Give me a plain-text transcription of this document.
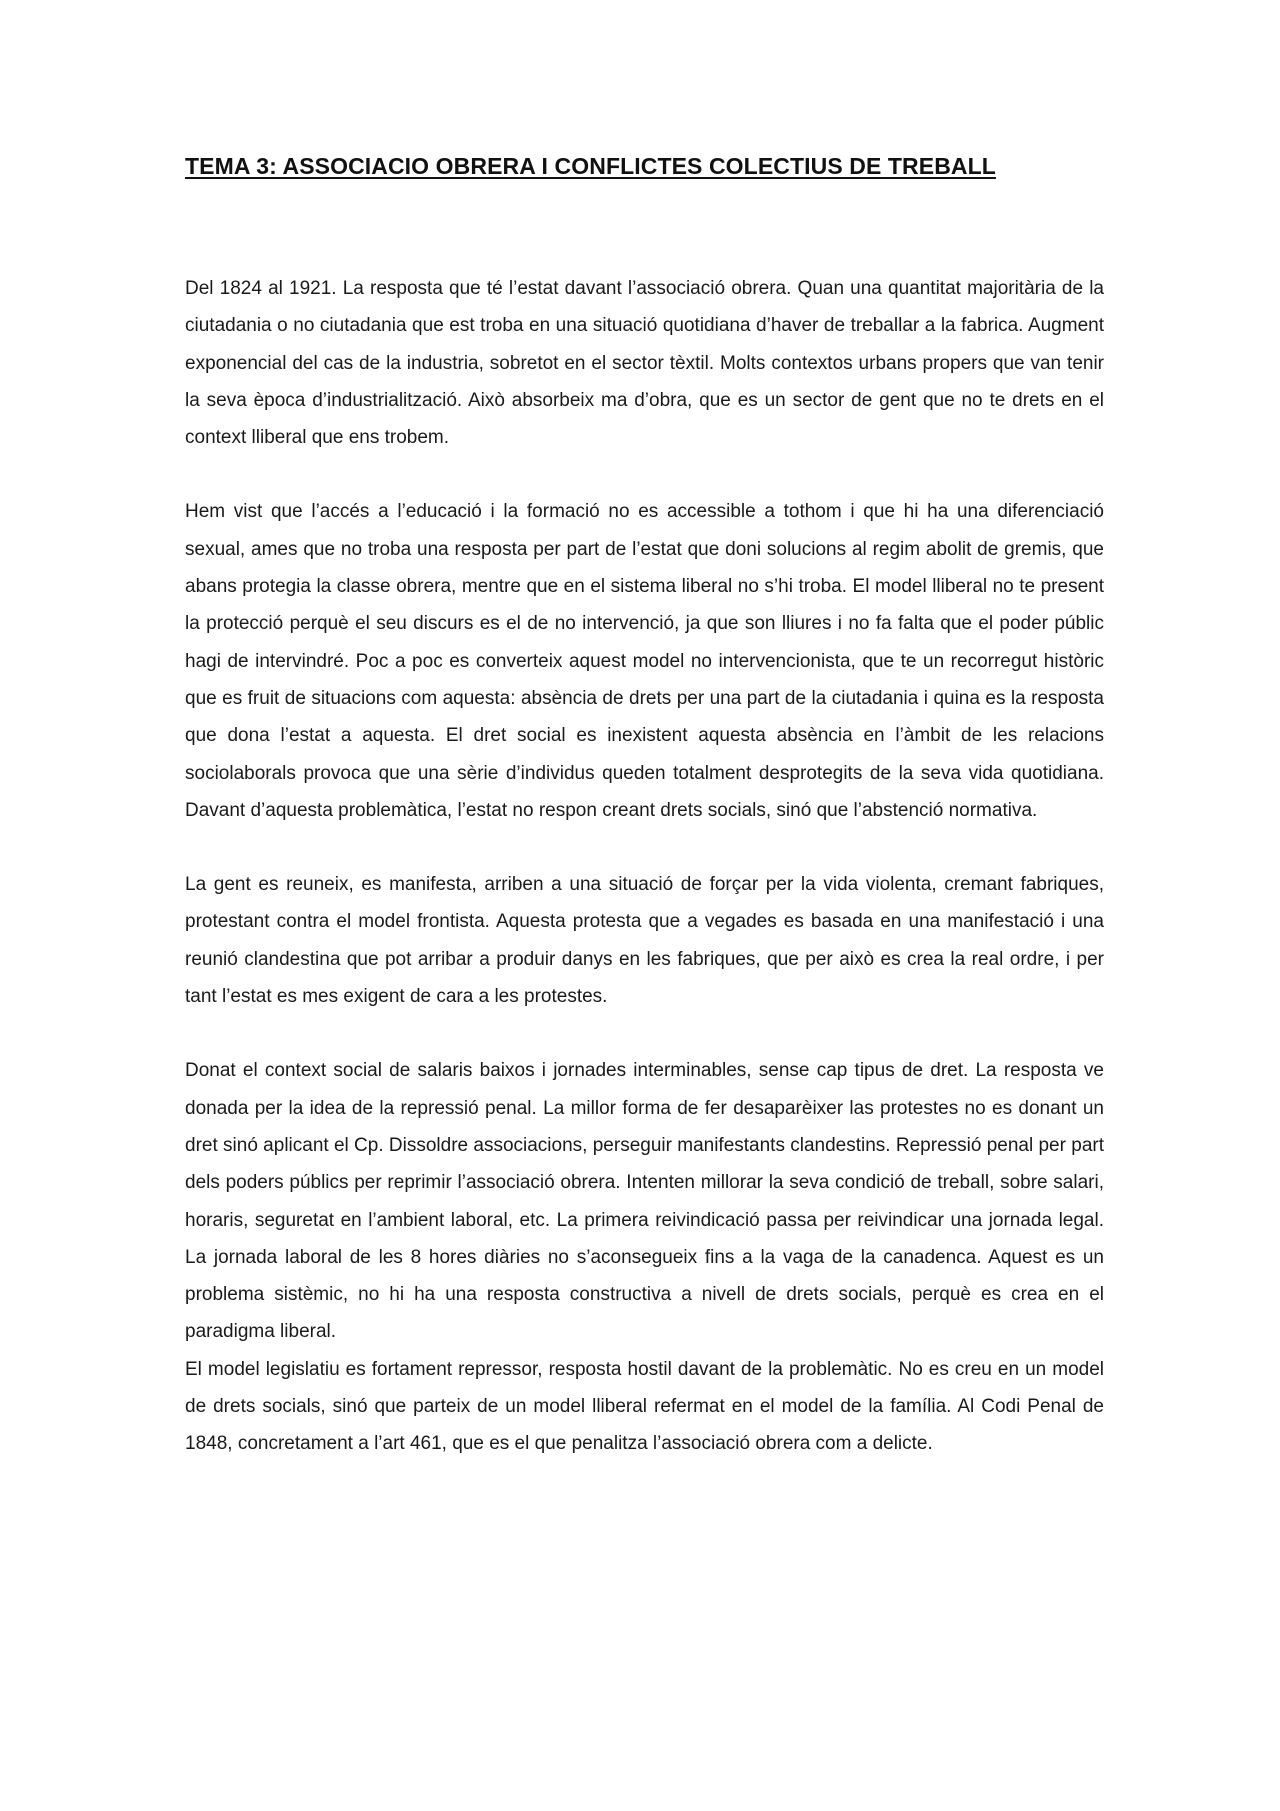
TEMA 3: ASSOCIACIO OBRERA I CONFLICTES COLECTIUS DE TREBALL

Del 1824 al 1921. La resposta que té l’estat davant l’associació obrera. Quan una quantitat majoritària de la ciutadania o no ciutadania que est troba en una situació quotidiana d’haver de treballar a la fabrica. Augment exponencial del cas de la industria, sobretot en el sector tèxtil. Molts contextos urbans propers que van tenir la seva època d’industrialització. Això absorbeix ma d’obra, que es un sector de gent que no te drets en el context lliberal que ens trobem.

Hem vist que l’accés a l’educació i la formació no es accessible a tothom i que hi ha una diferenciació sexual, ames que no troba una resposta per part de l’estat que doni solucions al regim abolit de gremis, que abans protegia la classe obrera, mentre que en el sistema liberal no s’hi troba. El model lliberal no te present la protecció perquè el seu discurs es el de no intervenció, ja que son lliures i no fa falta que el poder públic hagi de intervindré. Poc a poc es converteix aquest model no intervencionista, que te un recorregut històric que es fruit de situacions com aquesta: absència de drets per una part de la ciutadania i quina es la resposta que dona l’estat a aquesta. El dret social es inexistent aquesta absència en l’àmbit de les relacions sociolaborals provoca que una sèrie d’individus queden totalment desprotegits de la seva vida quotidiana. Davant d’aquesta problemàtica, l’estat no respon creant drets socials, sinó que l’abstenció normativa.

La gent es reuneix, es manifesta, arriben a una situació de forçar per la vida violenta, cremant fabriques, protestant contra el model frontista. Aquesta protesta que a vegades es basada en una manifestació i una reunió clandestina que pot arribar a produir danys en les fabriques, que per això es crea la real ordre, i per tant l’estat es mes exigent de cara a les protestes.

Donat el context social de salaris baixos i jornades interminables, sense cap tipus de dret. La resposta ve donada per la idea de la repressió penal. La millor forma de fer desaparèixer las protestes no es donant un dret sinó aplicant el Cp. Dissoldre associacions, perseguir manifestants clandestins. Repressió penal per part dels poders públics per reprimir l’associació obrera. Intenten millorar la seva condició de treball, sobre salari, horaris, seguretat en l’ambient laboral, etc. La primera reivindicació passa per reivindicar una jornada legal. La jornada laboral de les 8 hores diàries no s’aconsegueix fins a la vaga de la canadenca. Aquest es un problema sistèmic, no hi ha una resposta constructiva a nivell de drets socials, perquè es crea en el paradigma liberal.

El model legislatiu es fortament repressor, resposta hostil davant de la problemàtic. No es creu en un model de drets socials, sinó que parteix de un model lliberal refermat en el model de la família. Al Codi Penal de 1848, concretament a l’art 461, que es el que penalitza l’associació obrera com a delicte.
